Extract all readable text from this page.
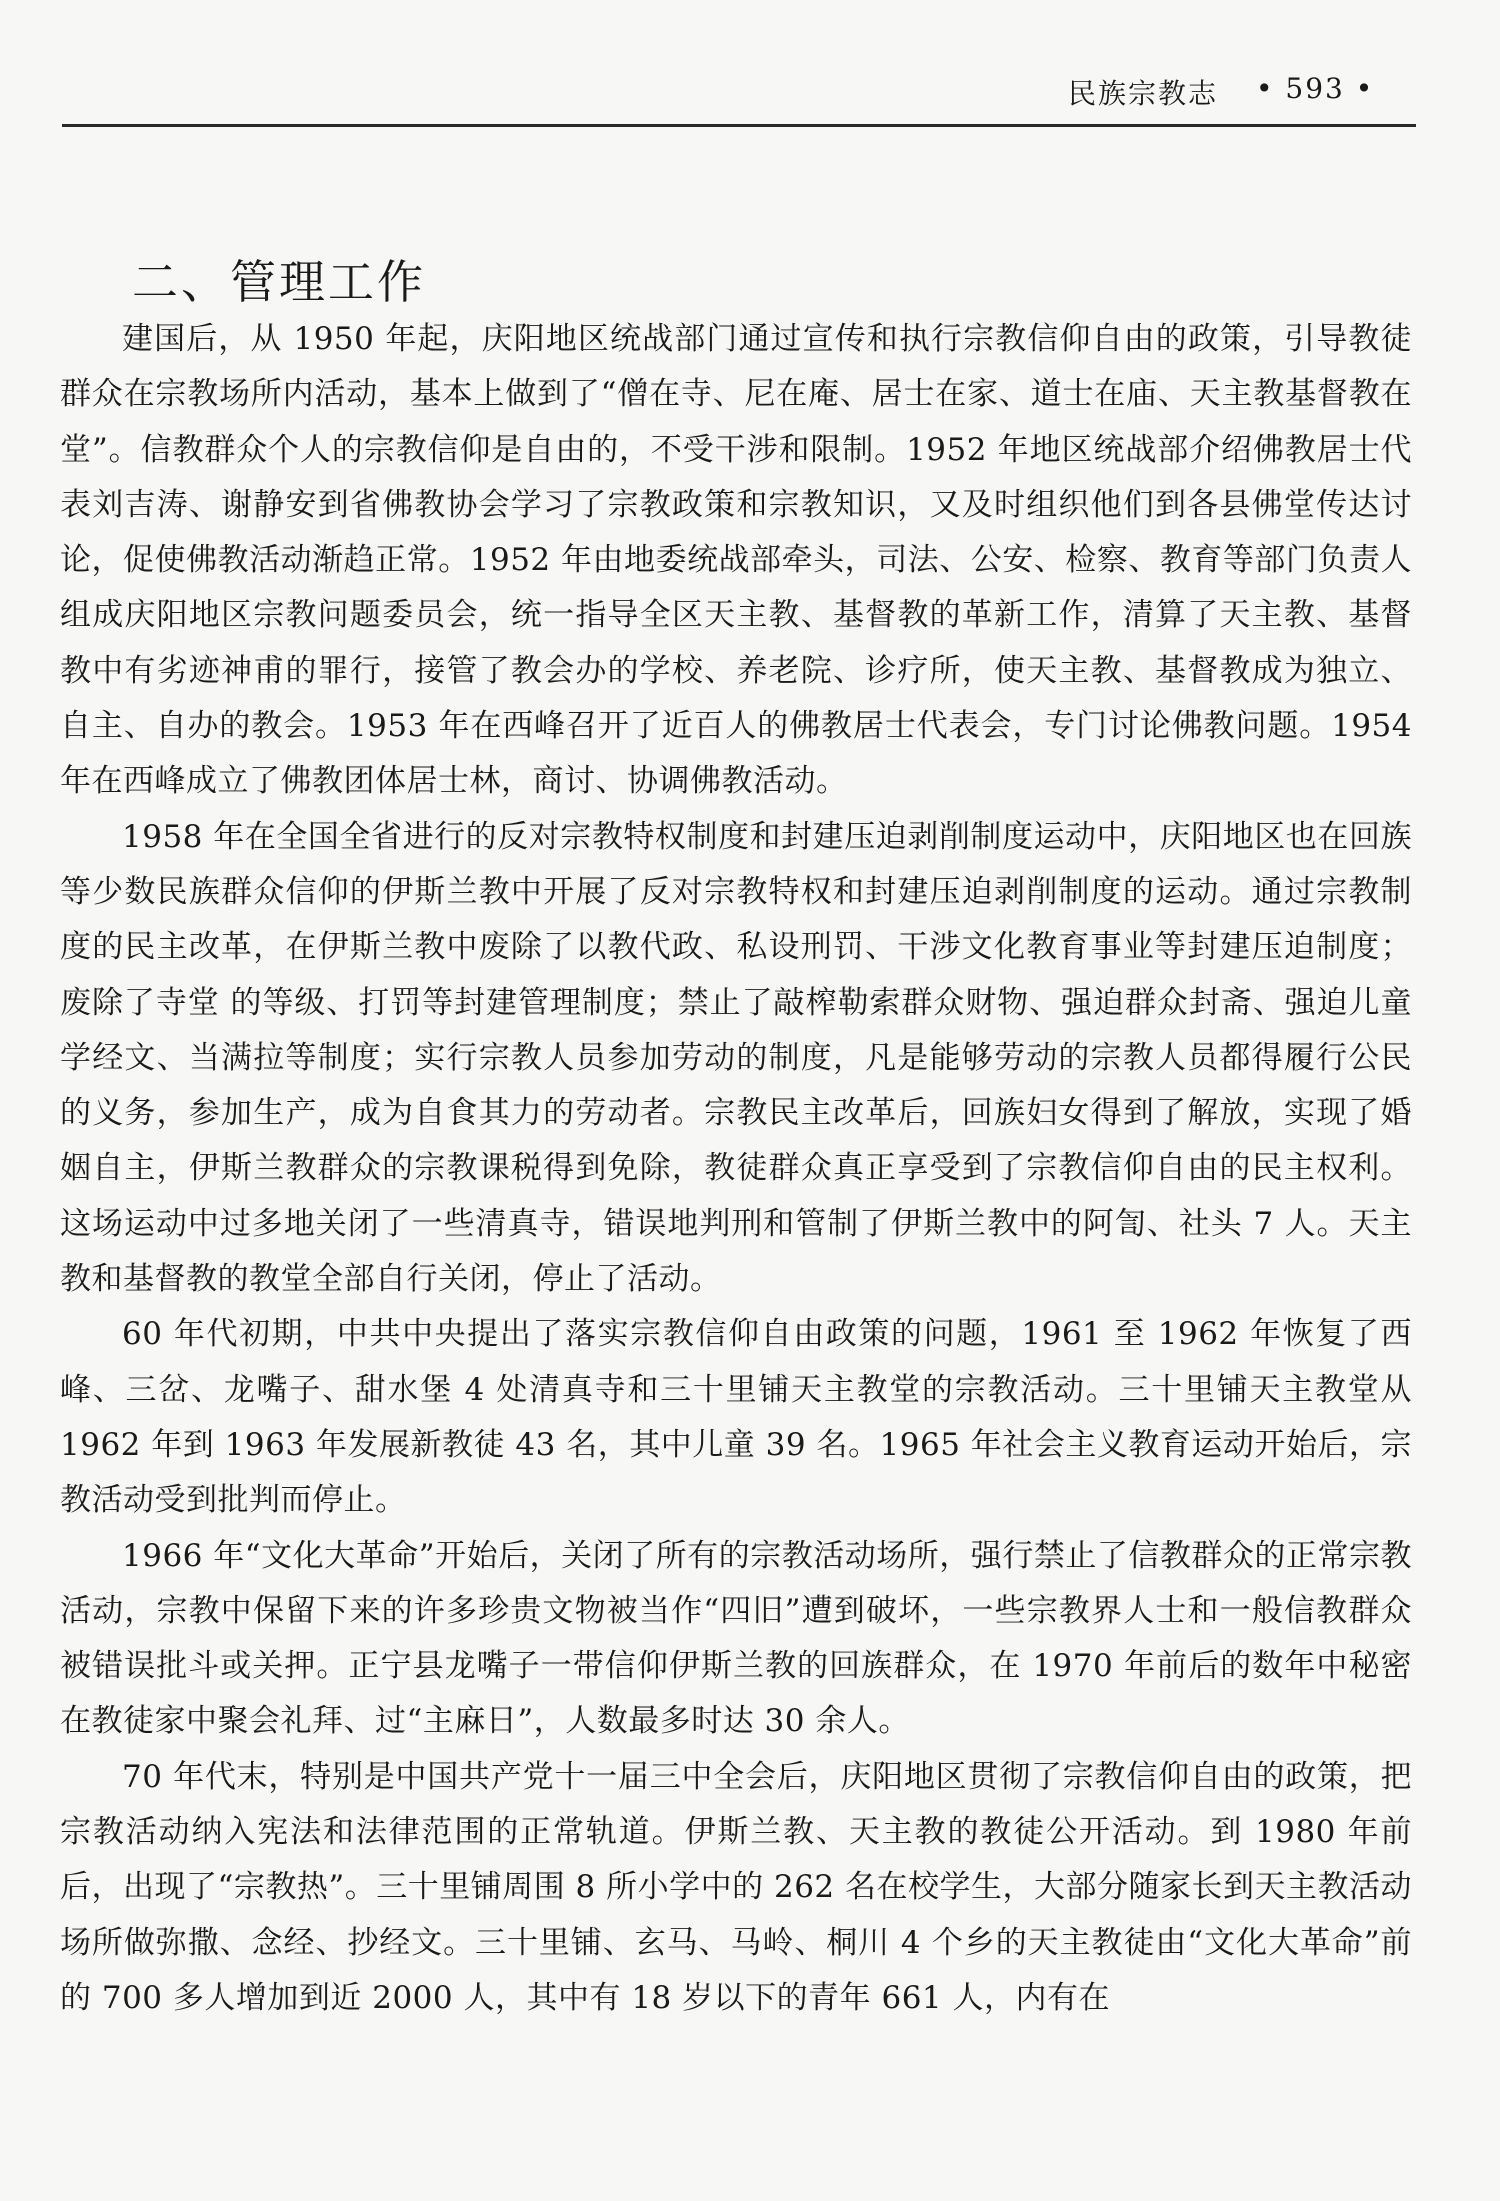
民族宗教志 • 593 •
二、管理工作

建国后，从 1950 年起，庆阳地区统战部门通过宣传和执行宗教信仰自由的政策，引导教徒群众在宗教场所内活动，基本上做到了“僧在寺、尼在庵、居士在家、道士在庙、天主教基督教在堂”。信教群众个人的宗教信仰是自由的，不受干涉和限制。1952 年地区统战部介绍佛教居士代表刘吉涛、谢静安到省佛教协会学习了宗教政策和宗教知识，又及时组织他们到各县佛堂传达讨论，促使佛教活动渐趋正常。1952 年由地委统战部牵头，司法、公安、检察、教育等部门负责人组成庆阳地区宗教问题委员会，统一指导全区天主教、基督教的革新工作，清算了天主教、基督教中有劣迹神甫的罪行，接管了教会办的学校、养老院、诊疗所，使天主教、基督教成为独立、自主、自办的教会。1953 年在西峰召开了近百人的佛教居士代表会，专门讨论佛教问题。1954 年在西峰成立了佛教团体居士林，商讨、协调佛教活动。

1958 年在全国全省进行的反对宗教特权制度和封建压迫剥削制度运动中，庆阳地区也在回族等少数民族群众信仰的伊斯兰教中开展了反对宗教特权和封建压迫剥削制度的运动。通过宗教制度的民主改革，在伊斯兰教中废除了以教代政、私设刑罚、干涉文化教育事业等封建压迫制度；废除了寺堂 的等级、打罚等封建管理制度；禁止了敲榨勒索群众财物、强迫群众封斋、强迫儿童学经文、当满拉等制度；实行宗教人员参加劳动的制度，凡是能够劳动的宗教人员都得履行公民的义务，参加生产，成为自食其力的劳动者。宗教民主改革后，回族妇女得到了解放，实现了婚姻自主，伊斯兰教群众的宗教课税得到免除，教徒群众真正享受到了宗教信仰自由的民主权利。这场运动中过多地关闭了一些清真寺，错误地判刑和管制了伊斯兰教中的阿訇、社头 7 人。天主教和基督教的教堂全部自行关闭，停止了活动。

60 年代初期，中共中央提出了落实宗教信仰自由政策的问题，1961 至 1962 年恢复了西峰、三岔、龙嘴子、甜水堡 4 处清真寺和三十里铺天主教堂的宗教活动。三十里铺天主教堂从 1962 年到 1963 年发展新教徒 43 名，其中儿童 39 名。1965 年社会主义教育运动开始后，宗教活动受到批判而停止。

1966 年“文化大革命”开始后，关闭了所有的宗教活动场所，强行禁止了信教群众的正常宗教活动，宗教中保留下来的许多珍贵文物被当作“四旧”遭到破坏，一些宗教界人士和一般信教群众被错误批斗或关押。正宁县龙嘴子一带信仰伊斯兰教的回族群众，在 1970 年前后的数年中秘密在教徒家中聚会礼拜、过“主麻日”，人数最多时达 30 余人。

70 年代末，特别是中国共产党十一届三中全会后，庆阳地区贯彻了宗教信仰自由的政策，把宗教活动纳入宪法和法律范围的正常轨道。伊斯兰教、天主教的教徒公开活动。到 1980 年前后，出现了“宗教热”。三十里铺周围 8 所小学中的 262 名在校学生，大部分随家长到天主教活动场所做弥撒、念经、抄经文。三十里铺、玄马、马岭、桐川 4 个乡的天主教徒由“文化大革命”前的 700 多人增加到近 2000 人，其中有 18 岁以下的青年 661 人，内有在
